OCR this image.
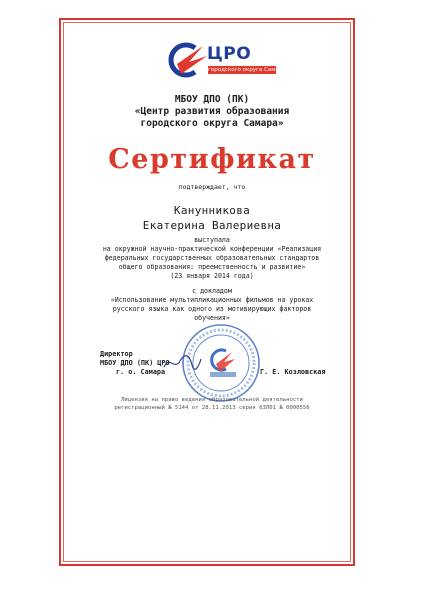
ЦРО
городского округа Самара
МБОУ ДПО (ПК)
«Центр развития образования
городского округа Самара»
Сертификат
подтверждает, что
Канунникова
Екатерина Валериевна
выступала
на окружной научно-практической конференции «Реализация
федеральных государственных образовательных стандартов
общего образования: преемственность и развитие»
(23 января 2014 года)
с докладом
«Использование мультипликационных фильмов на уроках
русского языка как одного из мотивирующих факторов
обучения»
Директор
МБОУ ДПО (ПК) ЦРО
г. о. Самара	Г. Е. Козловская
Лицензия на право ведения образовательной деятельности
регистрационный № 5144 от 28.11.2013 серия 63Л01 № 0000556
